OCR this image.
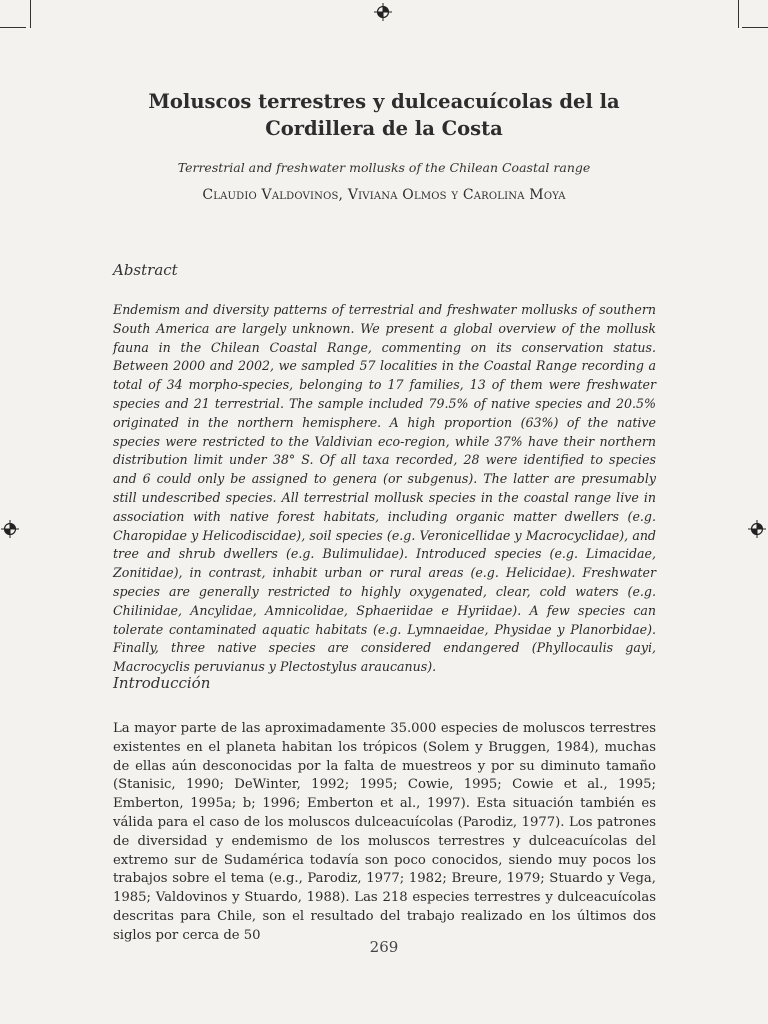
Moluscos terrestres y dulceacuícolas del la Cordillera de la Costa
Terrestrial and freshwater mollusks of the Chilean Coastal range
Claudio Valdovinos, Viviana Olmos y Carolina Moya
Abstract
Endemism and diversity patterns of terrestrial and freshwater mollusks of southern South America are largely unknown. We present a global overview of the mollusk fauna in the Chilean Coastal Range, commenting on its conservation status. Between 2000 and 2002, we sampled 57 localities in the Coastal Range recording a total of 34 morpho-species, belonging to 17 families, 13 of them were freshwater species and 21 terrestrial. The sample included 79.5% of native species and 20.5% originated in the northern hemisphere. A high proportion (63%) of the native species were restricted to the Valdivian eco-region, while 37% have their northern distribution limit under 38° S. Of all taxa recorded, 28 were identified to species and 6 could only be assigned to genera (or subgenus). The latter are presumably still undescribed species. All terrestrial mollusk species in the coastal range live in association with native forest habitats, including organic matter dwellers (e.g. Charopidae y Helicodiscidae), soil species (e.g. Veronicellidae y Macrocyclidae), and tree and shrub dwellers (e.g. Bulimulidae). Introduced species (e.g. Limacidae, Zonitidae), in contrast, inhabit urban or rural areas (e.g. Helicidae). Freshwater species are generally restricted to highly oxygenated, clear, cold waters (e.g. Chilinidae, Ancylidae, Amnicolidae, Sphaeriidae e Hyriidae). A few species can tolerate contaminated aquatic habitats (e.g. Lymnaeidae, Physidae y Planorbidae). Finally, three native species are considered endangered (Phyllocaulis gayi, Macrocyclis peruvianus y Plectostylus araucanus).
Introducción
La mayor parte de las aproximadamente 35.000 especies de moluscos terrestres existentes en el planeta habitan los trópicos (Solem y Bruggen, 1984), muchas de ellas aún desconocidas por la falta de muestreos y por su diminuto tamaño (Stanisic, 1990; DeWinter, 1992; 1995; Cowie, 1995; Cowie et al., 1995; Emberton, 1995a; b; 1996; Emberton et al., 1997). Esta situación también es válida para el caso de los moluscos dulceacuícolas (Parodiz, 1977). Los patrones de diversidad y endemismo de los moluscos terrestres y dulceacuícolas del extremo sur de Sudamérica todavía son poco conocidos, siendo muy pocos los trabajos sobre el tema (e.g., Parodiz, 1977; 1982; Breure, 1979; Stuardo y Vega, 1985; Valdovinos y Stuardo, 1988). Las 218 especies terrestres y dulceacuícolas descritas para Chile, son el resultado del trabajo realizado en los últimos dos siglos por cerca de 50
269
